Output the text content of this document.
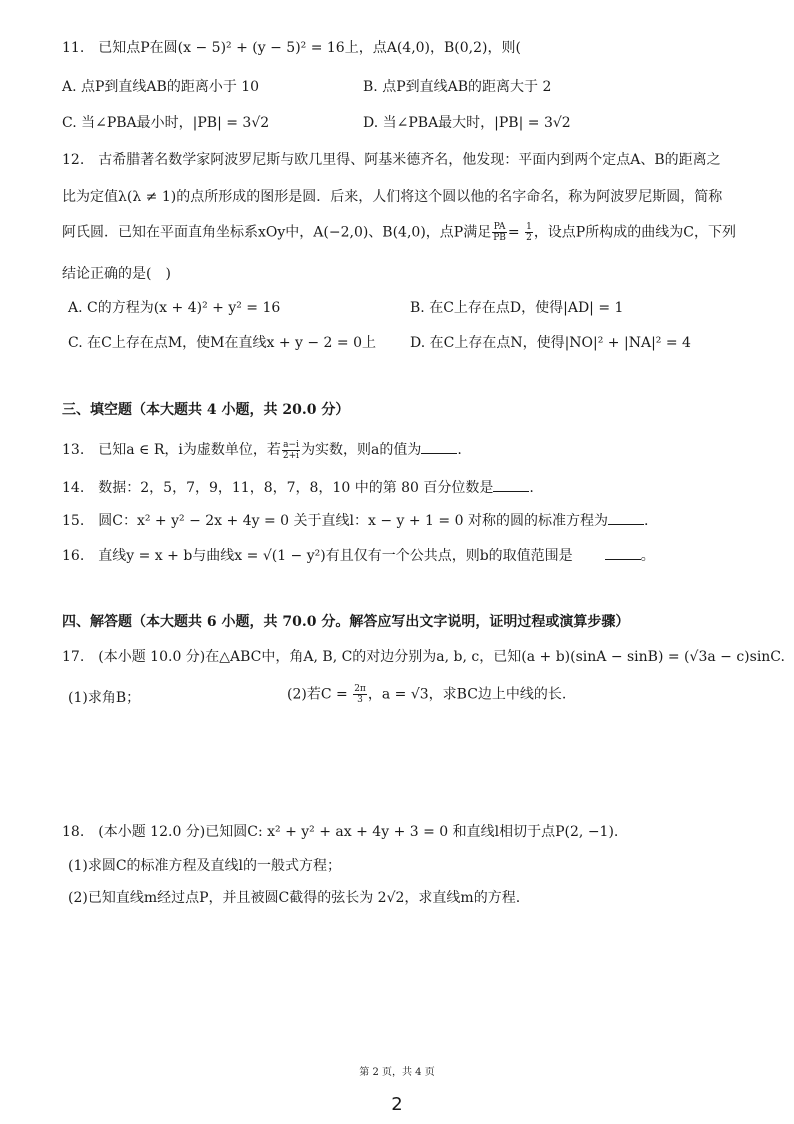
11.　已知点P在圆(x − 5)² + (y − 5)² = 16上，点A(4,0)，B(0,2)，则(
A. 点P到直线AB的距离小于 10	B. 点P到直线AB的距离大于 2
C. 当∠PBA最小时，|PB| = 3√2	D. 当∠PBA最大时，|PB| = 3√2
12.　古希腊著名数学家阿波罗尼斯与欧几里得、阿基米德齐名，他发现：平面内到两个定点A、B的距离之
比为定值λ(λ ≠ 1)的点所形成的图形是圆．后来，人们将这个圆以他的名字命名，称为阿波罗尼斯圆，简称
阿氏圆．已知在平面直角坐标系xOy中，A(−2,0)、B(4,0)，点P满足 $\frac{PA}{PB} = \frac{1}{2}$ ，设点P所构成的曲线为C，下列
结论正确的是(　)
A. C的方程为(x + 4)² + y² = 16	B. 在C上存在点D，使得|AD| = 1
C. 在C上存在点M，使M在直线x + y − 2 = 0上 D. 在C上存在点N，使得|NO|² + |NA|² = 4
三、填空题（本大题共 4 小题，共 20.0 分）
13.　已知a ∈ R，i为虚数单位，若 $\frac{a-i}{2+i}$ 为实数，则a的值为	.
14.　数据：2，5，7，9，11，8，7，8，10 中的第 80 百分位数是	.
15.　圆C：x² + y² − 2x + 4y = 0 关于直线l：x − y + 1 = 0 对称的圆的标准方程为	.
16.　直线y = x + b与曲线x = √(1 − y²)有且仅有一个公共点，则b的取值范围是	。
四、解答题（本大题共 6 小题，共 70.0 分。解答应写出文字说明，证明过程或演算步骤）
17.　(本小题 10.0 分)在△ABC中，角A, B, C的对边分别为a, b, c，已知(a + b)(sinA − sinB) = (√3a − c)sinC.
(1)求角B；	(2)若$C = \frac{2\pi}{3}$ ，a = √3，求BC边上中线的长.
18.　(本小题 12.0 分)已知圆C: x² + y² + ax + 4y + 3 = 0 和直线l相切于点P(2, −1).
(1)求圆C的标准方程及直线l的一般式方程；
(2)已知直线m经过点P，并且被圆C截得的弦长为 2√2，求直线m的方程.
第 2 页，共 4 页
2
